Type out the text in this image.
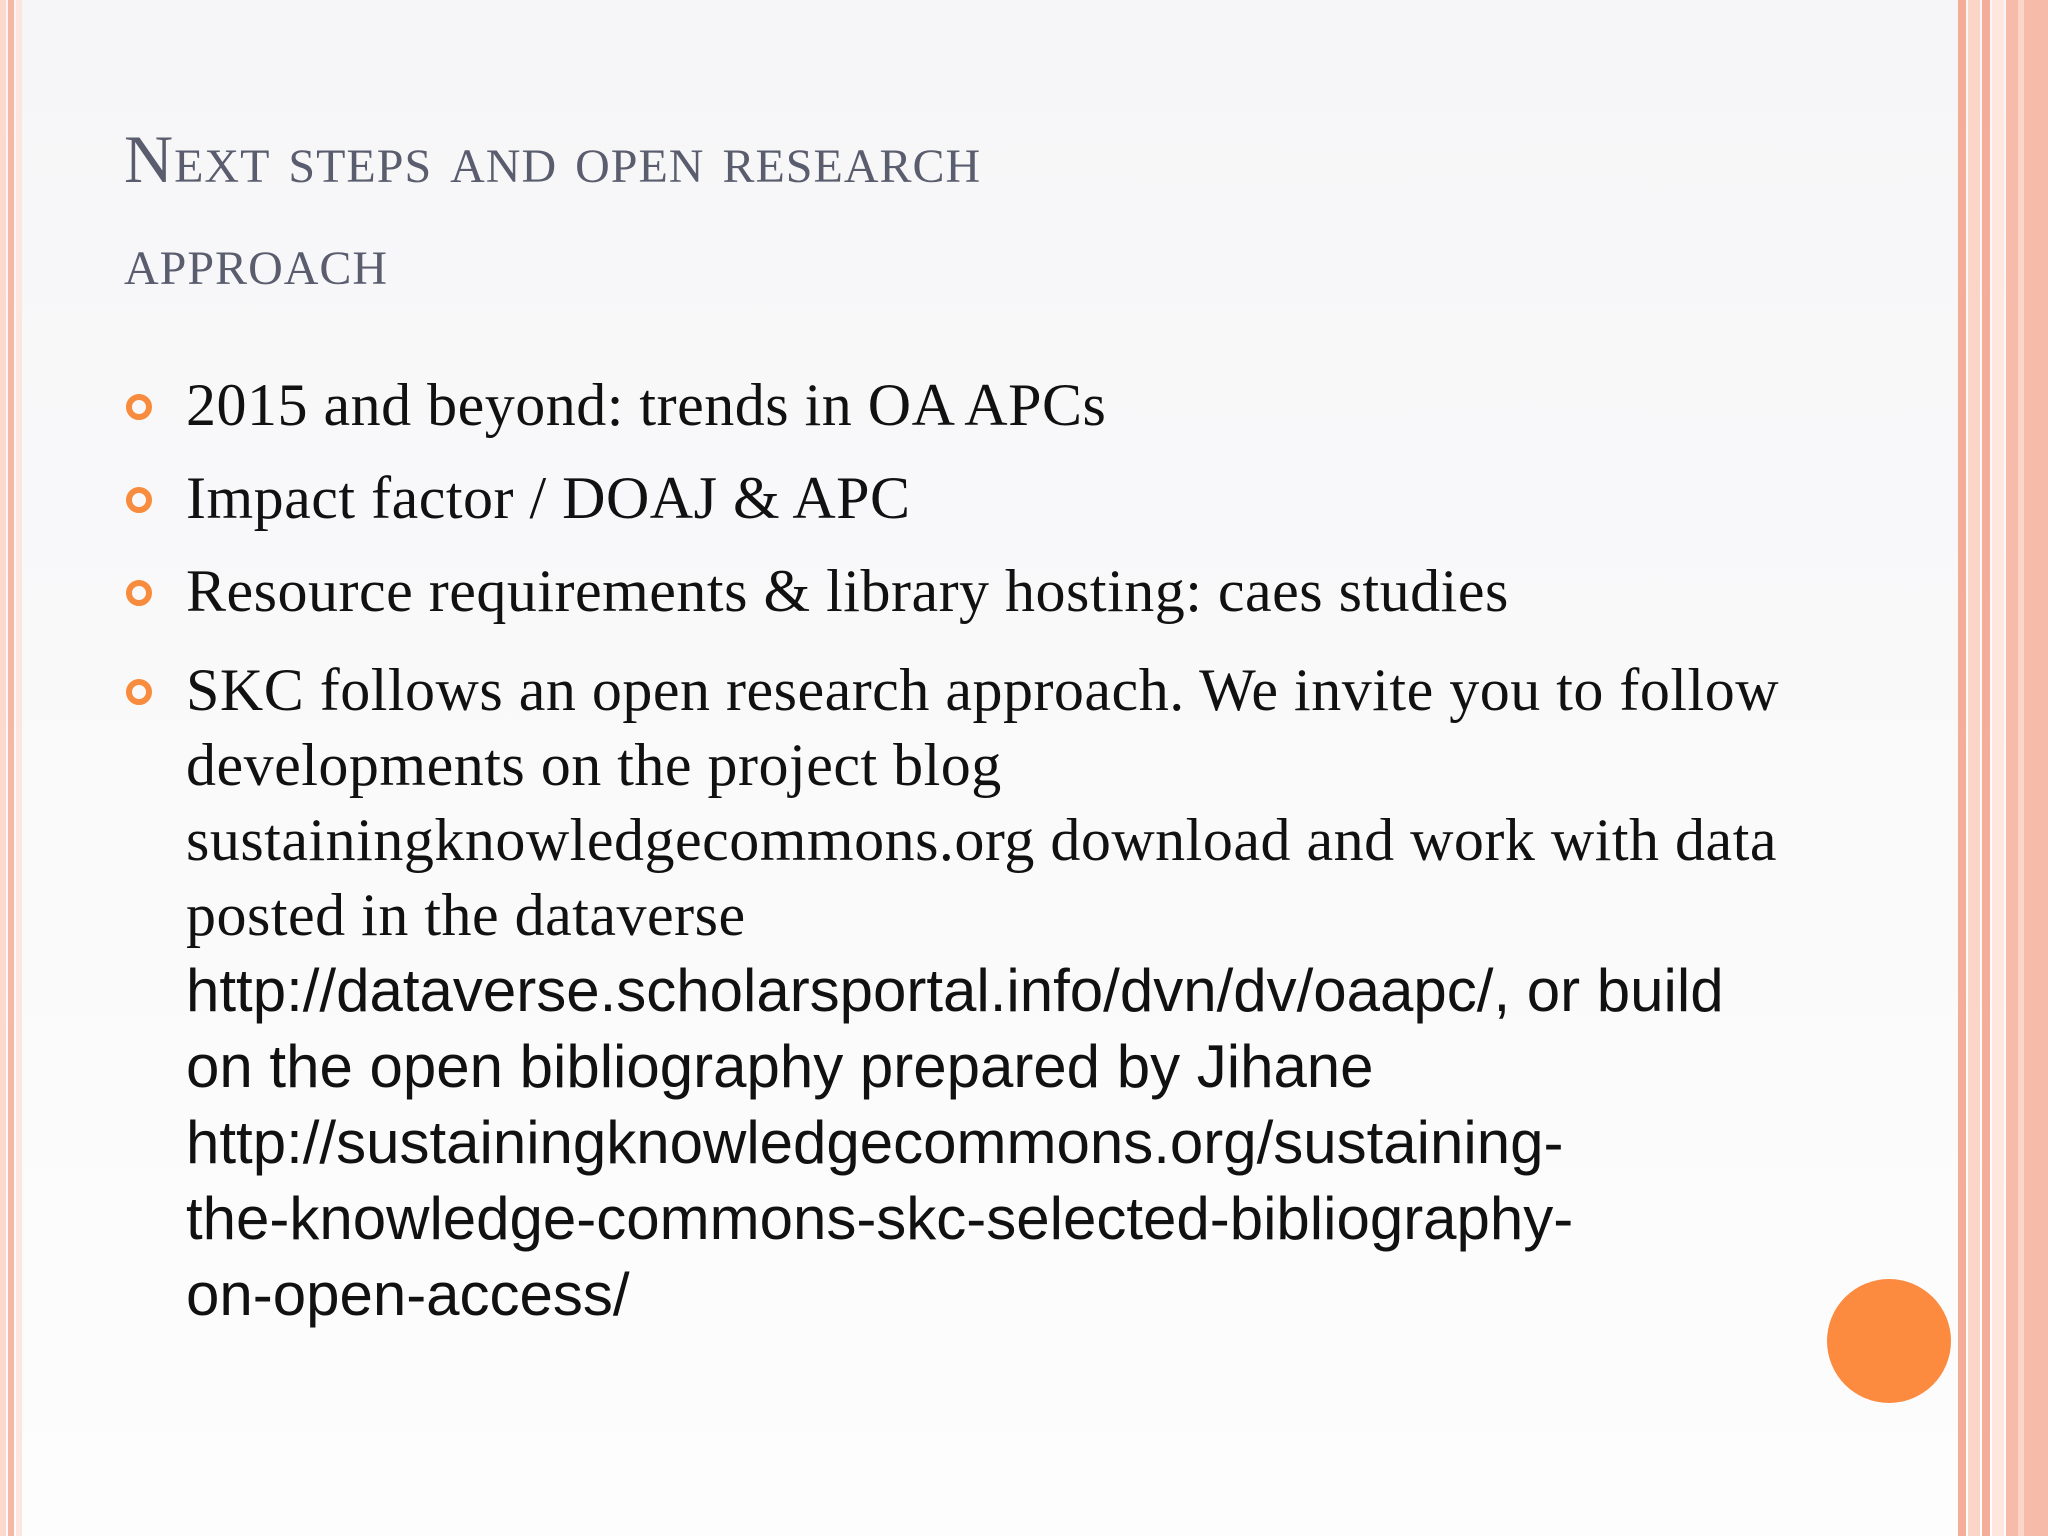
Next steps and open research
approach
2015 and beyond: trends in OA APCs
Impact factor / DOAJ & APC
Resource requirements & library hosting: caes studies
SKC follows an open research approach. We invite you to follow developments on the project blog sustainingknowledgecommons.org download and work with data posted in the dataverse http://dataverse.scholarsportal.info/dvn/dv/oaapc/, or build on the open bibliography prepared by Jihane
http://sustainingknowledgecommons.org/sustaining-
the-knowledge-commons-skc-selected-bibliography-
on-open-access/
